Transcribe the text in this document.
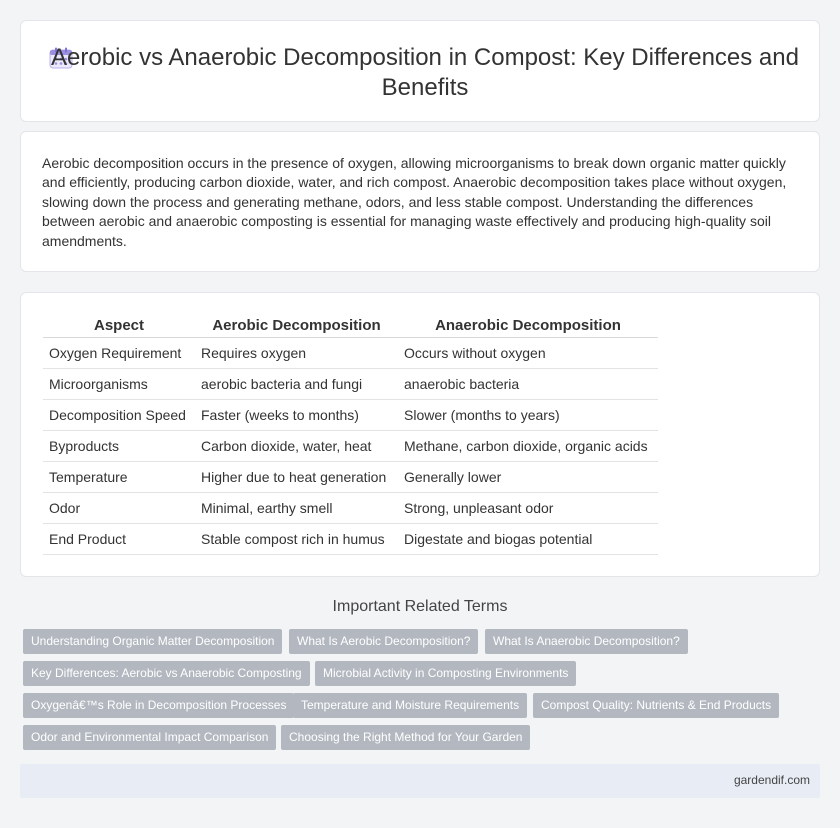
Aerobic vs Anaerobic Decomposition in Compost: Key Differences and Benefits

Aerobic decomposition occurs in the presence of oxygen, allowing microorganisms to break down organic matter quickly and efficiently, producing carbon dioxide, water, and rich compost. Anaerobic decomposition takes place without oxygen, slowing down the process and generating methane, odors, and less stable compost. Understanding the differences between aerobic and anaerobic composting is essential for managing waste effectively and producing high-quality soil amendments.

Aspect	Aerobic Decomposition	Anaerobic Decomposition
Oxygen Requirement	Requires oxygen	Occurs without oxygen
Microorganisms	aerobic bacteria and fungi	anaerobic bacteria
Decomposition Speed	Faster (weeks to months)	Slower (months to years)
Byproducts	Carbon dioxide, water, heat	Methane, carbon dioxide, organic acids
Temperature	Higher due to heat generation	Generally lower
Odor	Minimal, earthy smell	Strong, unpleasant odor
End Product	Stable compost rich in humus	Digestate and biogas potential
Important Related Terms
Understanding Organic Matter Decomposition	What Is Aerobic Decomposition?	What Is Anaerobic Decomposition?
Key Differences: Aerobic vs Anaerobic Composting	Microbial Activity in Composting Environments
Oxygenâ€™s Role in Decomposition Processes	Temperature and Moisture Requirements	Compost Quality: Nutrients & End Products
Odor and Environmental Impact Comparison	Choosing the Right Method for Your Garden
gardendif.com
